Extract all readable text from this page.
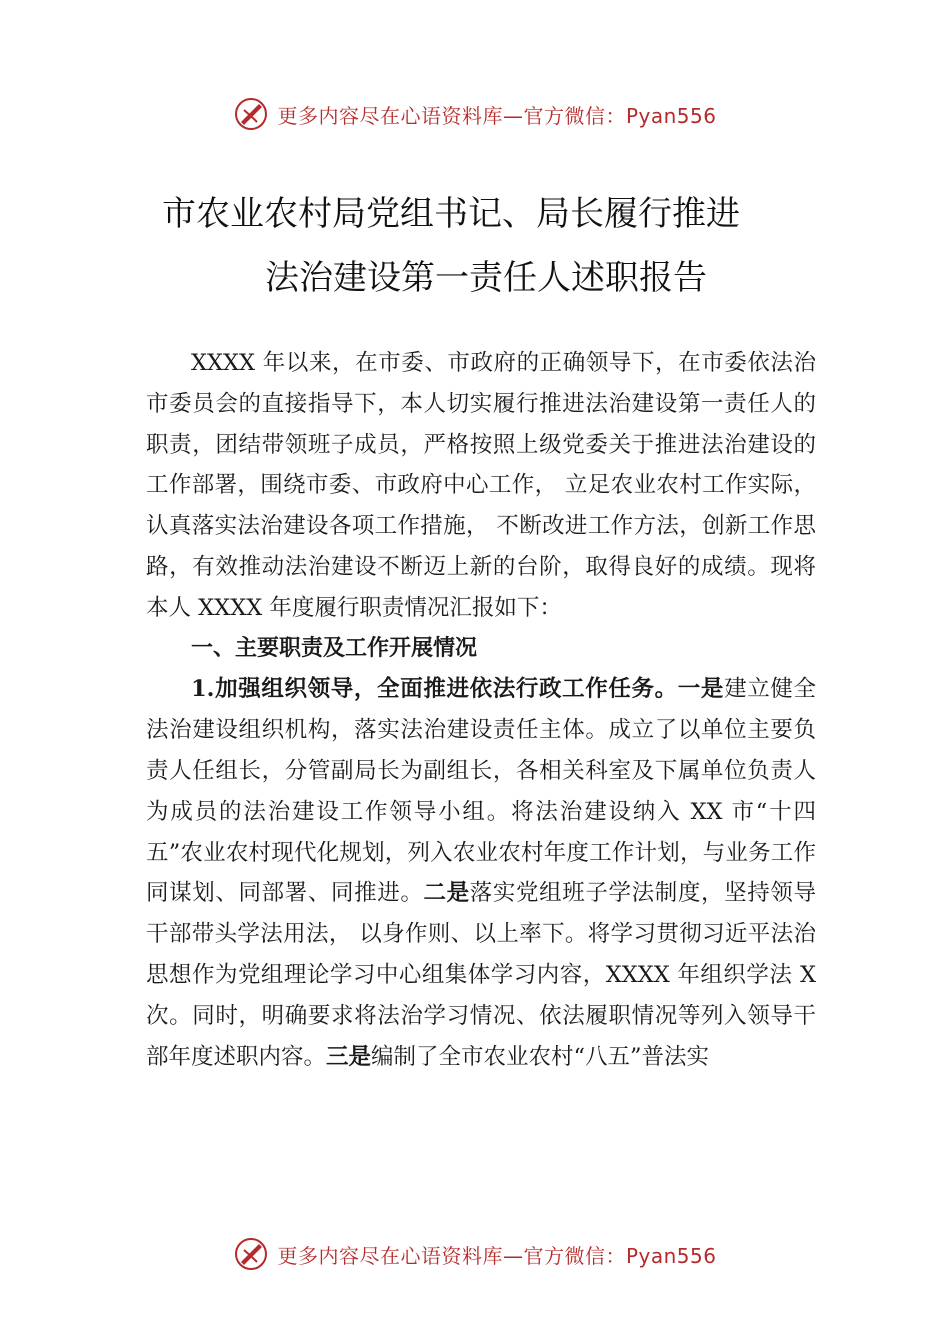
更多内容尽在心语资料库—官方微信：Pyan556
市农业农村局党组书记、局长履行推进
法治建设第一责任人述职报告

XXXX 年以来，在市委、市政府的正确领导下，在市委依法治市委员会的直接指导下，本人切实履行推进法治建设第一责任人的职责，团结带领班子成员，严格按照上级党委关于推进法治建设的工作部署，围绕市委、市政府中心工作， 立足农业农村工作实际，认真落实法治建设各项工作措施， 不断改进工作方法，创新工作思路，有效推动法治建设不断迈上新的台阶，取得良好的成绩。现将本人 XXXX 年度履行职责情况汇报如下：

一、主要职责及工作开展情况

1.加强组织领导，全面推进依法行政工作任务。一是建立健全法治建设组织机构，落实法治建设责任主体。成立了以单位主要负责人任组长，分管副局长为副组长，各相关科室及下属单位负责人为成员的法治建设工作领导小组。将法治建设纳入 XX 市“十四五”农业农村现代化规划，列入农业农村年度工作计划，与业务工作同谋划、同部署、同推进。二是落实党组班子学法制度，坚持领导干部带头学法用法， 以身作则、以上率下。将学习贯彻习近平法治思想作为党组理论学习中心组集体学习内容，XXXX 年组织学法 X 次。同时，明确要求将法治学习情况、依法履职情况等列入领导干部年度述职内容。三是编制了全市农业农村“八五”普法实

更多内容尽在心语资料库—官方微信：Pyan556
